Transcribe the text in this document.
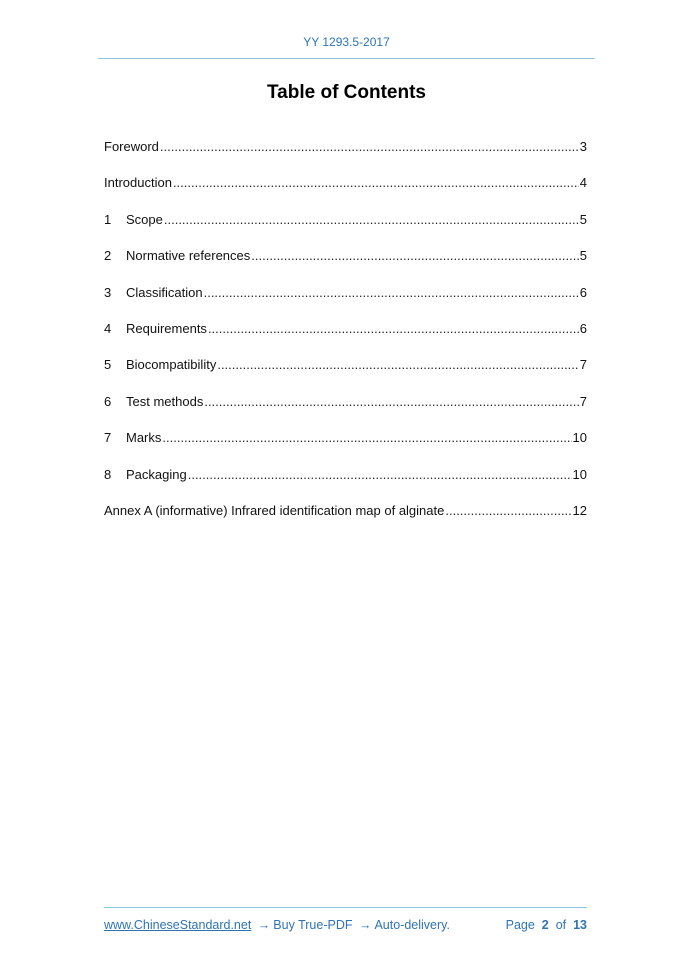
YY 1293.5-2017
Table of Contents
Foreword .....	3
Introduction .....	4
1	Scope .....	5
2	Normative references .....	5
3	Classification .....	6
4	Requirements .....	6
5	Biocompatibility .....	7
6	Test methods .....	7
7	Marks .....	10
8	Packaging .....	10
Annex A (informative) Infrared identification map of alginate .....	12
www.ChineseStandard.net → Buy True-PDF → Auto-delivery.	Page 2 of 13
